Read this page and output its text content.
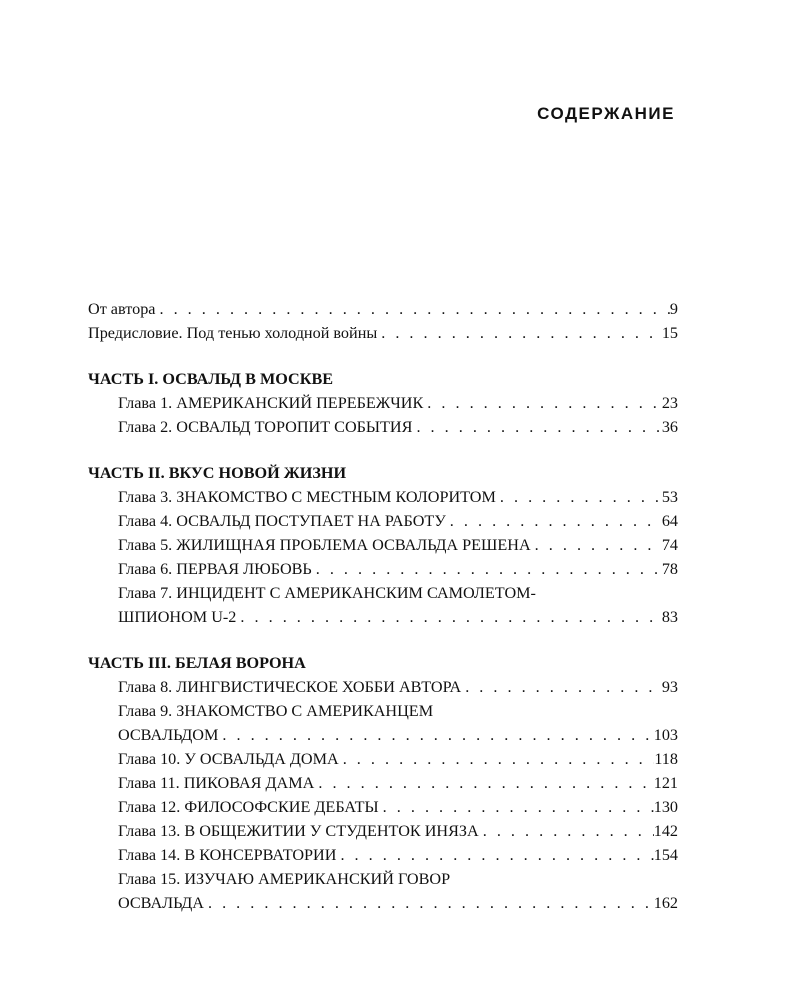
СОДЕРЖАНИЕ
От автора . . .	9
Предисловие. Под тенью холодной войны . . .	15
ЧАСТЬ I. ОСВАЛЬД В МОСКВЕ
Глава 1. АМЕРИКАНСКИЙ ПЕРЕБЕЖЧИК . . .	23
Глава 2. ОСВАЛЬД ТОРОПИТ СОБЫТИЯ . . .	36
ЧАСТЬ II. ВКУС НОВОЙ ЖИЗНИ
Глава 3. ЗНАКОМСТВО С МЕСТНЫМ КОЛОРИТОМ . . .	53
Глава 4. ОСВАЛЬД ПОСТУПАЕТ НА РАБОТУ . . .	64
Глава 5. ЖИЛИЩНАЯ ПРОБЛЕМА ОСВАЛЬДА РЕШЕНА . . .	74
Глава 6. ПЕРВАЯ ЛЮБОВЬ . . .	78
Глава 7. ИНЦИДЕНТ С АМЕРИКАНСКИМ САМОЛЕТОМ-
ШПИОНОМ U-2 . . .	83
ЧАСТЬ III. БЕЛАЯ ВОРОНА
Глава 8. ЛИНГВИСТИЧЕСКОЕ ХОББИ АВТОРА . . .	93
Глава 9. ЗНАКОМСТВО С АМЕРИКАНЦЕМ
ОСВАЛЬДОМ . . .	103
Глава 10. У ОСВАЛЬДА ДОМА . . .	118
Глава 11. ПИКОВАЯ ДАМА . . .	121
Глава 12. ФИЛОСОФСКИЕ ДЕБАТЫ . . .	130
Глава 13. В ОБЩЕЖИТИИ У СТУДЕНТОК ИНЯЗА . . .	142
Глава 14. В КОНСЕРВАТОРИИ . . .	154
Глава 15. ИЗУЧАЮ АМЕРИКАНСКИЙ ГОВОР
ОСВАЛЬДА . . .	162
